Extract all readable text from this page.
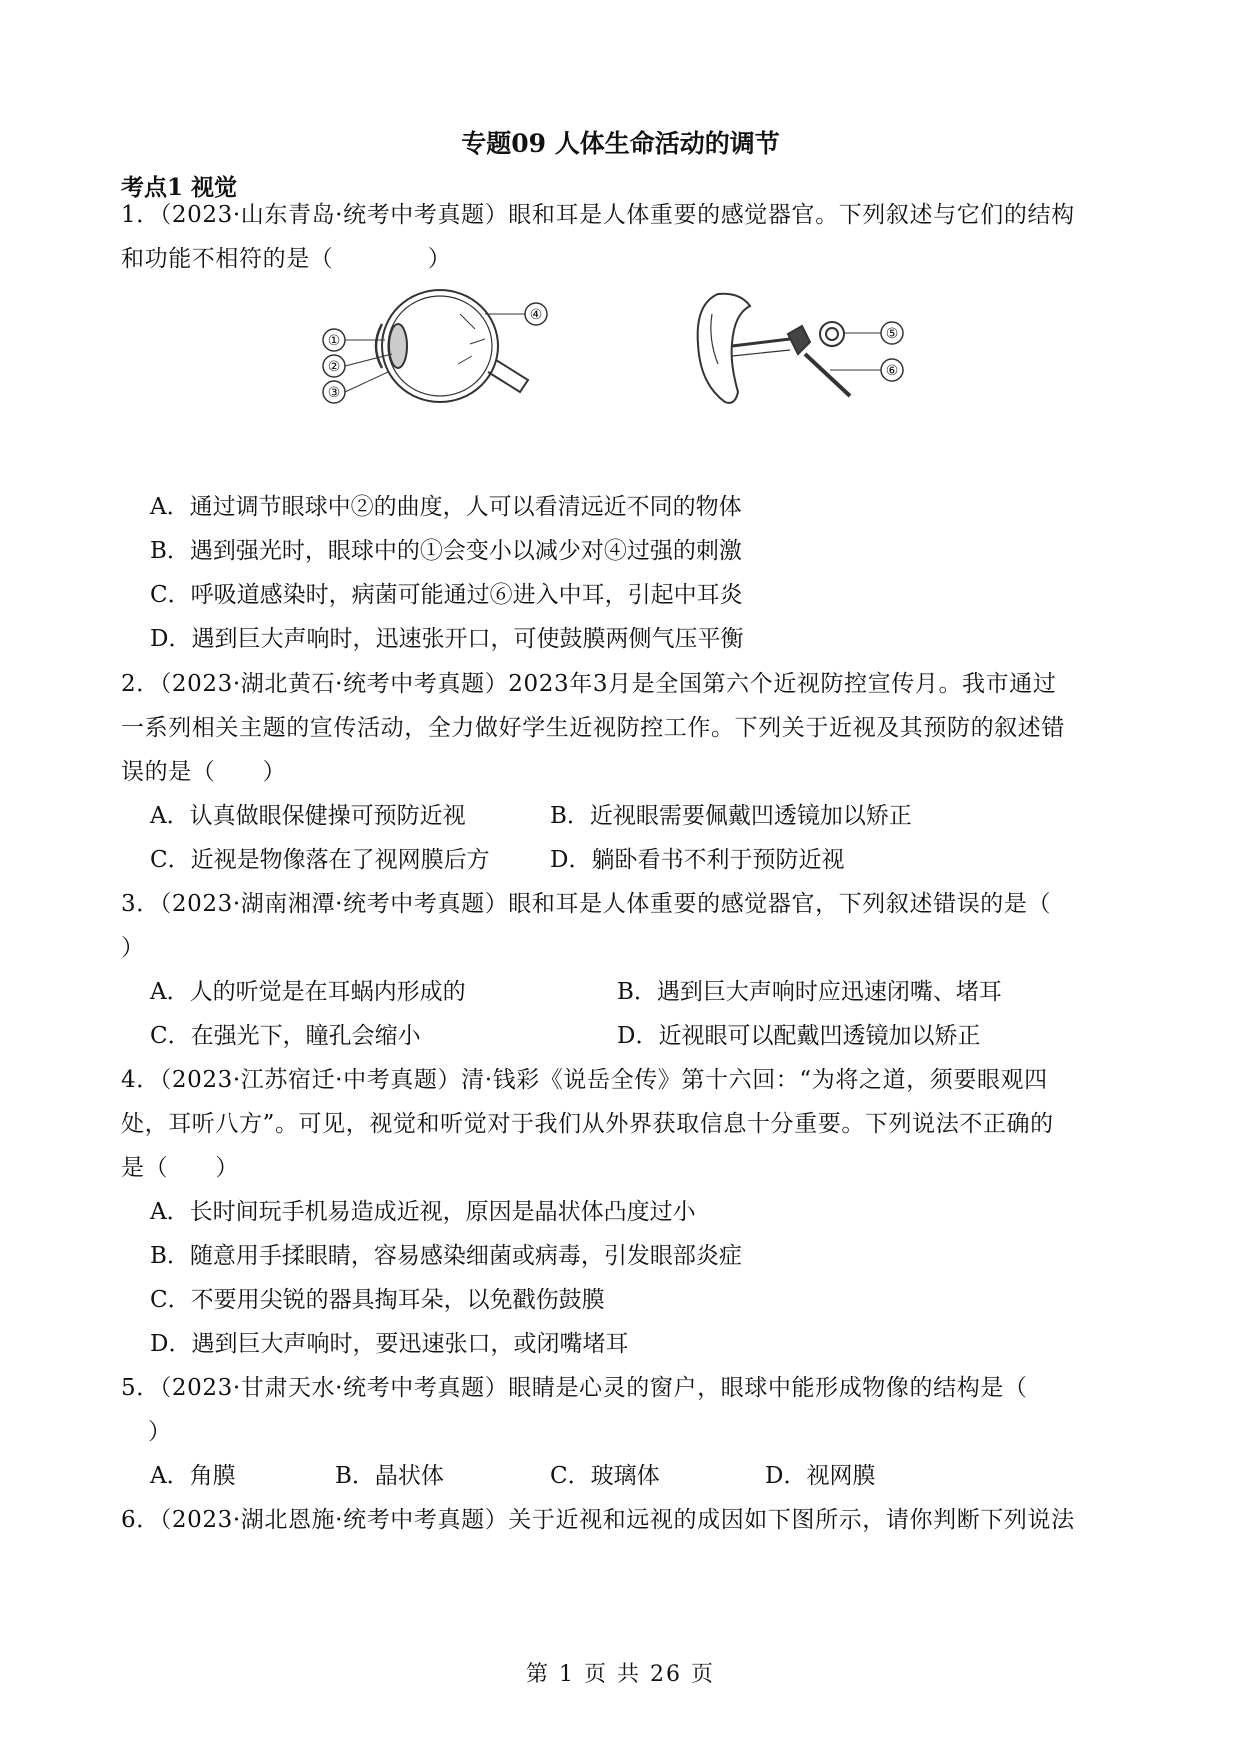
专题09 人体生命活动的调节
考点1 视觉
1．（2023·山东青岛·统考中考真题）眼和耳是人体重要的感觉器官。下列叙述与它们的结构
和功能不相符的是（　　　　）
①
②
③
④
⑤
⑥
A．通过调节眼球中②的曲度，人可以看清远近不同的物体
B．遇到强光时，眼球中的①会变小以减少对④过强的刺激
C．呼吸道感染时，病菌可能通过⑥进入中耳，引起中耳炎
D．遇到巨大声响时，迅速张开口，可使鼓膜两侧气压平衡
2．（2023·湖北黄石·统考中考真题）2023年3月是全国第六个近视防控宣传月。我市通过
一系列相关主题的宣传活动，全力做好学生近视防控工作。下列关于近视及其预防的叙述错
误的是（　　）
A．认真做眼保健操可预防近视	B．近视眼需要佩戴凹透镜加以矫正
C．近视是物像落在了视网膜后方	D．躺卧看书不利于预防近视
3．（2023·湖南湘潭·统考中考真题）眼和耳是人体重要的感觉器官，下列叙述错误的是（
）
A．人的听觉是在耳蜗内形成的	B．遇到巨大声响时应迅速闭嘴、堵耳
C．在强光下，瞳孔会缩小	D．近视眼可以配戴凹透镜加以矫正
4．（2023·江苏宿迁·中考真题）清·钱彩《说岳全传》第十六回：“为将之道，须要眼观四
处，耳听八方”。可见，视觉和听觉对于我们从外界获取信息十分重要。下列说法不正确的
是（　　）
A．长时间玩手机易造成近视，原因是晶状体凸度过小
B．随意用手揉眼睛，容易感染细菌或病毒，引发眼部炎症
C．不要用尖锐的器具掏耳朵，以免戳伤鼓膜
D．遇到巨大声响时，要迅速张口，或闭嘴堵耳
5．（2023·甘肃天水·统考中考真题）眼睛是心灵的窗户，眼球中能形成物像的结构是（
）
A．角膜	B．晶状体	C．玻璃体	D．视网膜
6．（2023·湖北恩施·统考中考真题）关于近视和远视的成因如下图所示，请你判断下列说法
第 1 页 共 26 页
